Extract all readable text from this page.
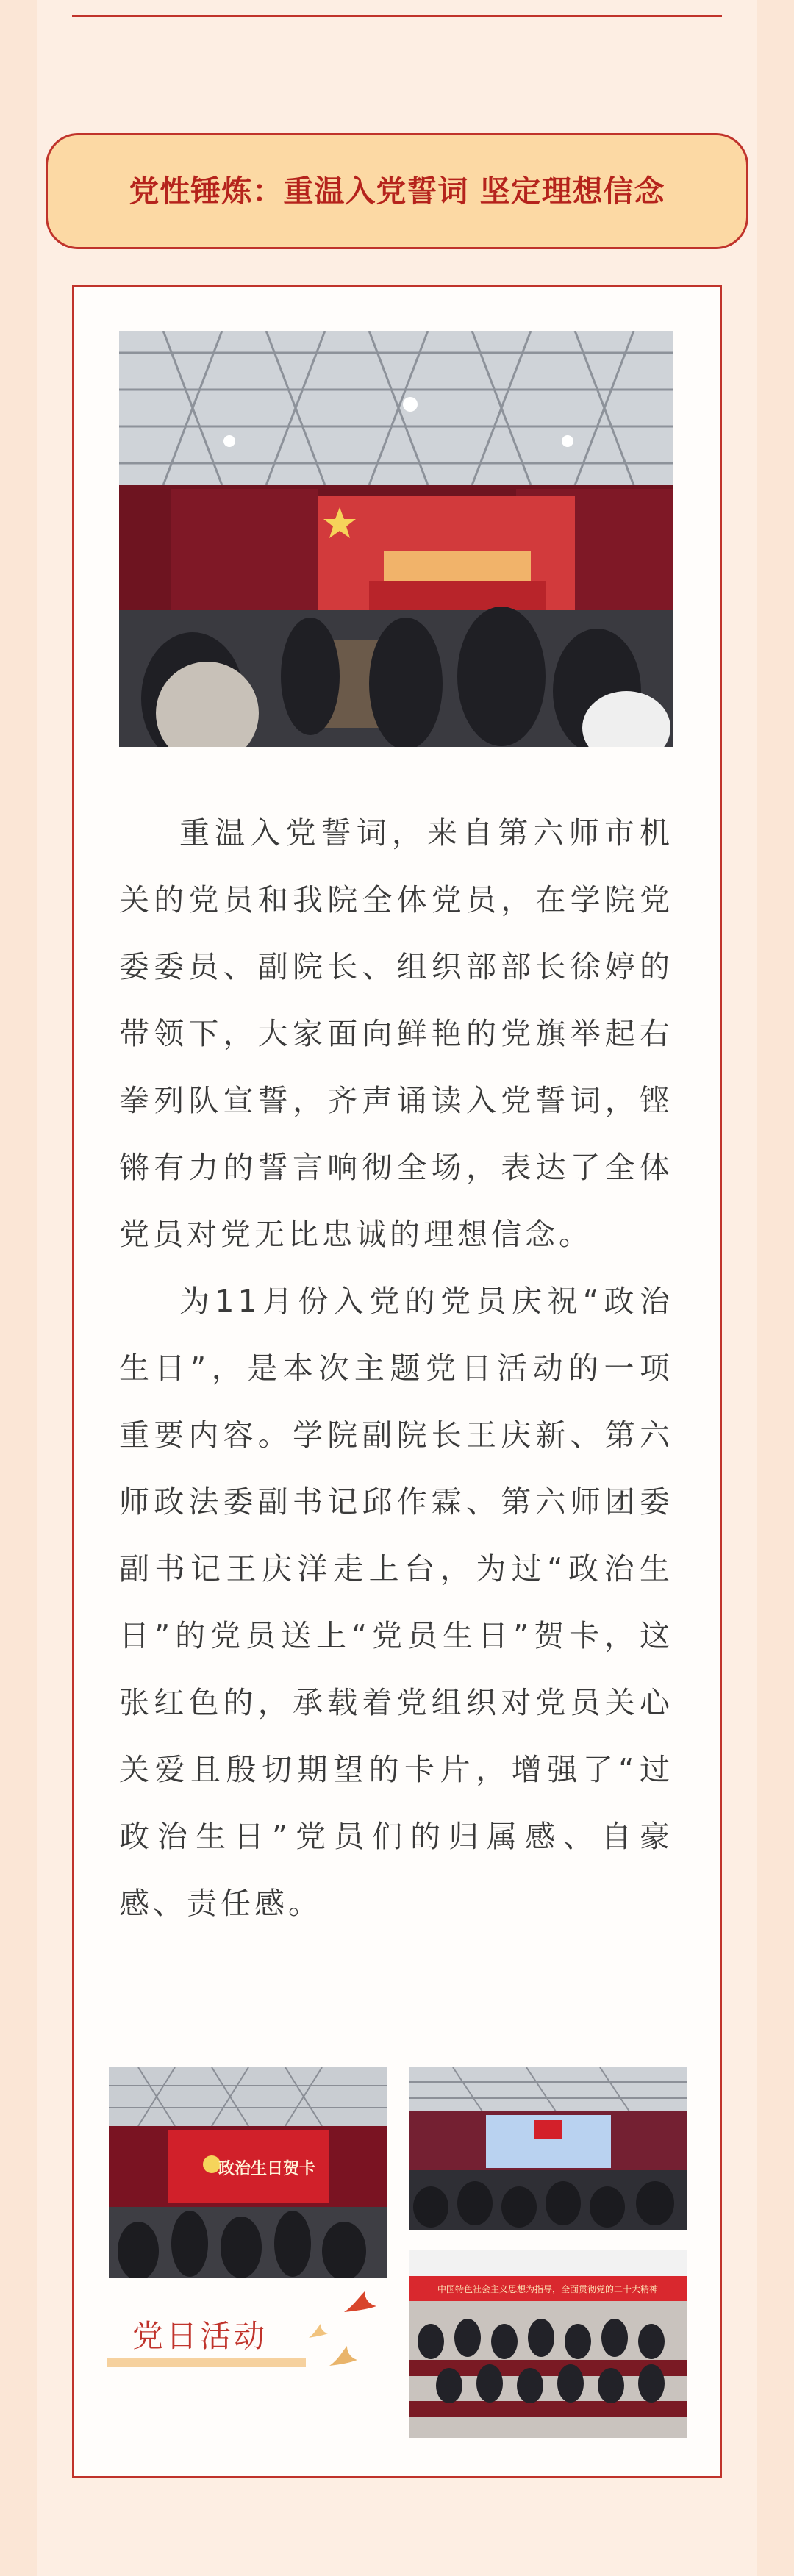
党性锤炼：重温入党誓词 坚定理想信念

重温入党誓词，来自第六师市机关的党员和我院全体党员，在学院党委委员、副院长、组织部部长徐婷的带领下，大家面向鲜艳的党旗举起右拳列队宣誓，齐声诵读入党誓词，铿锵有力的誓言响彻全场，表达了全体党员对党无比忠诚的理想信念。

为11月份入党的党员庆祝“政治生日”，是本次主题党日活动的一项重要内容。学院副院长王庆新、第六师政法委副书记邱作霖、第六师团委副书记王庆洋走上台，为过“政治生日”的党员送上“党员生日”贺卡，这张红色的，承载着党组织对党员关心关爱且殷切期望的卡片，增强了“过政治生日”党员们的归属感、自豪感、责任感。

政治生日贺卡
中国特色社会主义思想为指导，全面贯彻党的二十大精神
党日活动
